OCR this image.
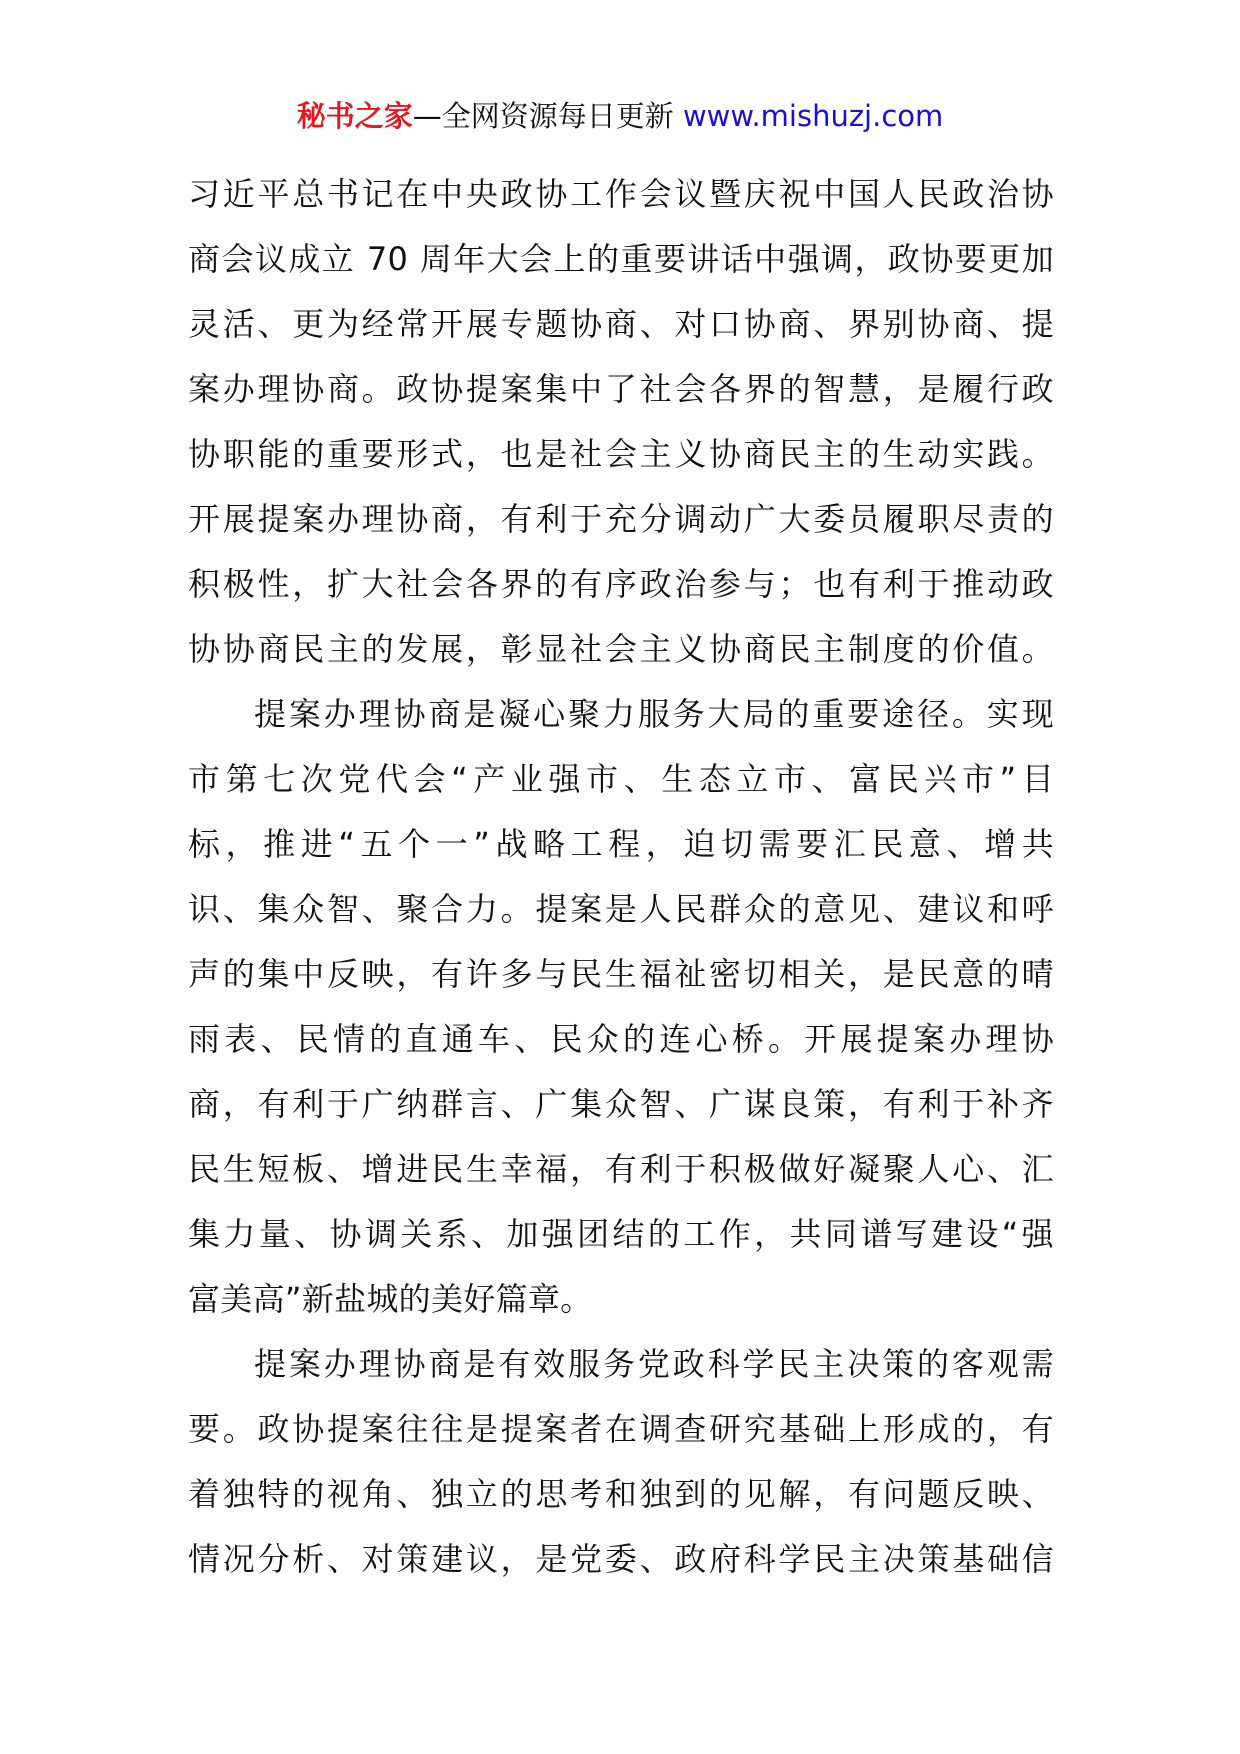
秘书之家—全网资源每日更新 www.mishuzj.com
习近平总书记在中央政协工作会议暨庆祝中国人民政治协
商会议成立 70 周年大会上的重要讲话中强调，政协要更加
灵活、更为经常开展专题协商、对口协商、界别协商、提
案办理协商。政协提案集中了社会各界的智慧，是履行政
协职能的重要形式，也是社会主义协商民主的生动实践。
开展提案办理协商，有利于充分调动广大委员履职尽责的
积极性，扩大社会各界的有序政治参与；也有利于推动政
协协商民主的发展，彰显社会主义协商民主制度的价值。
提案办理协商是凝心聚力服务大局的重要途径。实现
市第七次党代会“产业强市、生态立市、富民兴市”目
标，推进“五个一”战略工程，迫切需要汇民意、增共
识、集众智、聚合力。提案是人民群众的意见、建议和呼
声的集中反映，有许多与民生福祉密切相关，是民意的晴
雨表、民情的直通车、民众的连心桥。开展提案办理协
商，有利于广纳群言、广集众智、广谋良策，有利于补齐
民生短板、增进民生幸福，有利于积极做好凝聚人心、汇
集力量、协调关系、加强团结的工作，共同谱写建设“强
富美高”新盐城的美好篇章。
提案办理协商是有效服务党政科学民主决策的客观需
要。政协提案往往是提案者在调查研究基础上形成的，有
着独特的视角、独立的思考和独到的见解，有问题反映、
情况分析、对策建议，是党委、政府科学民主决策基础信
